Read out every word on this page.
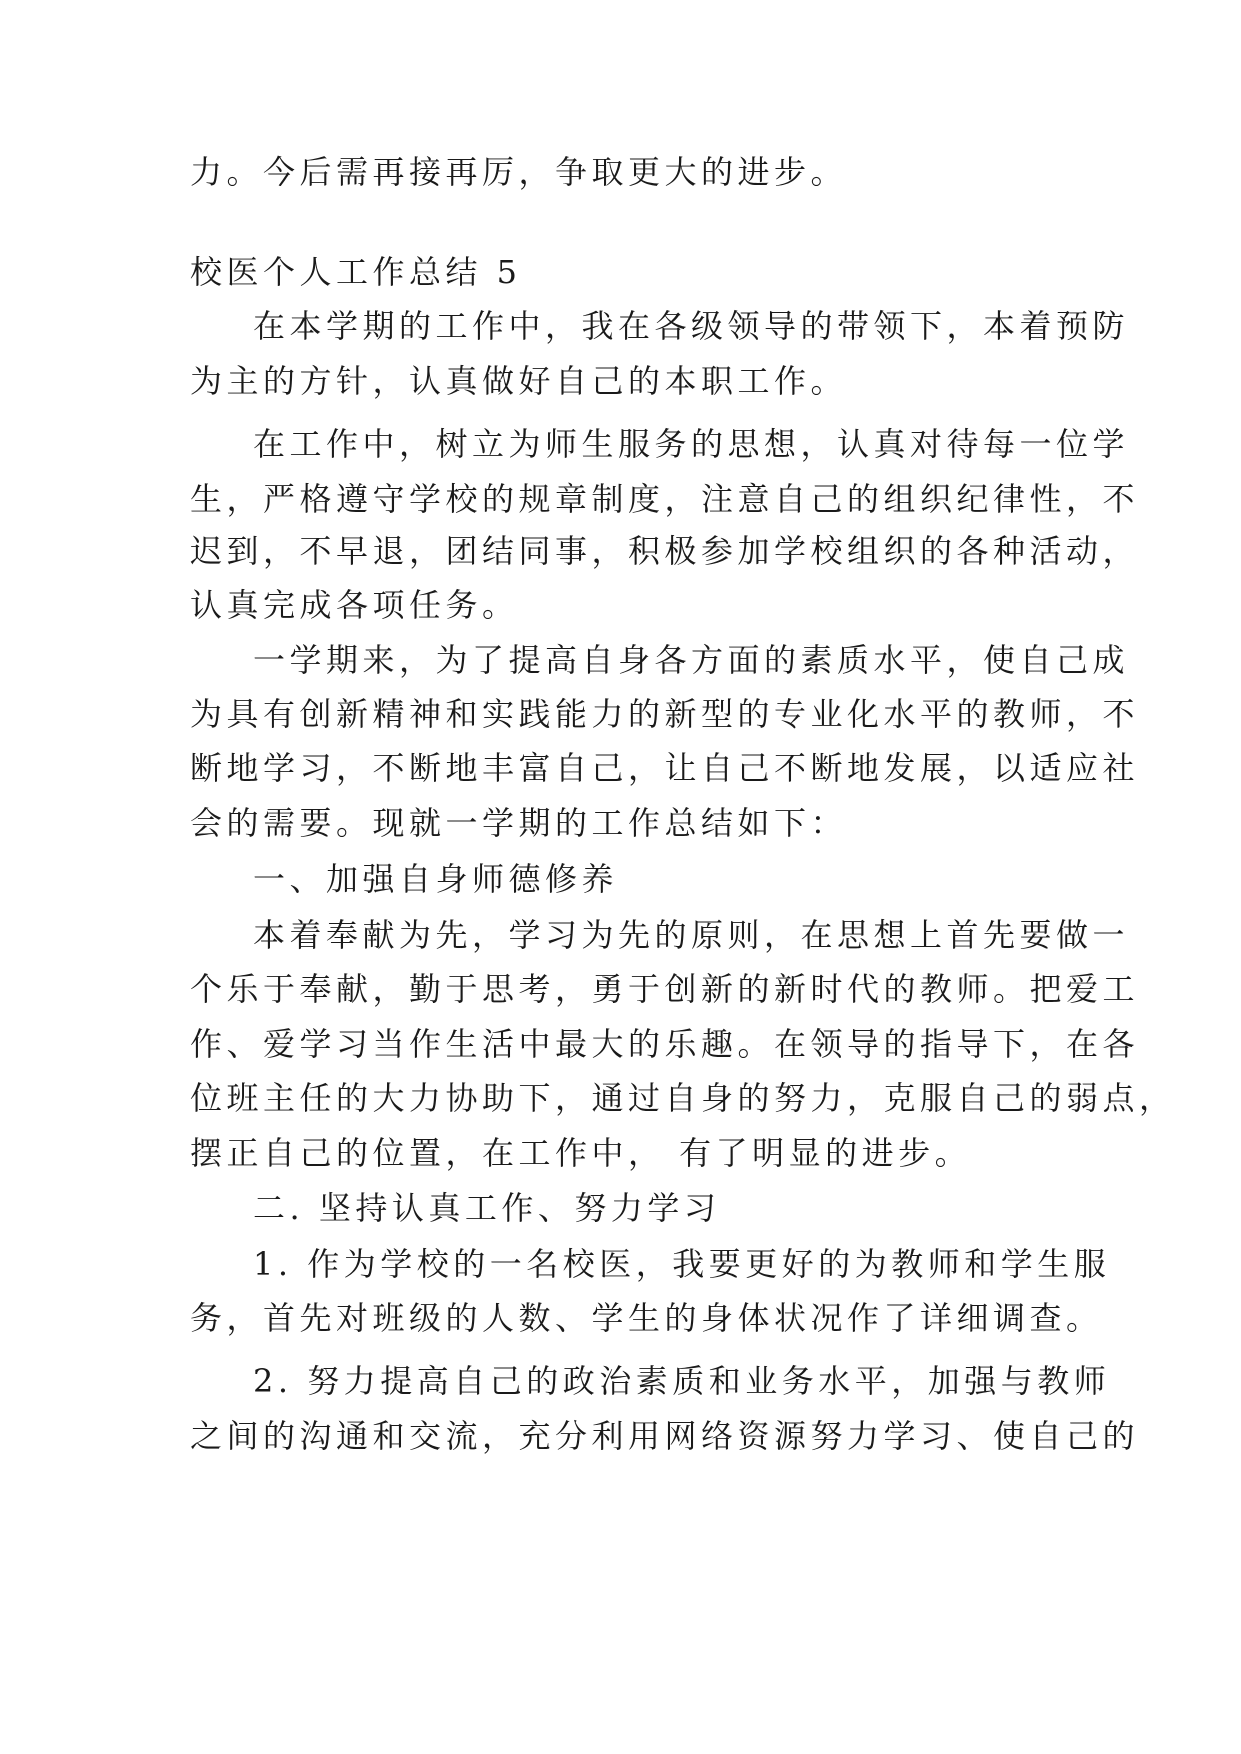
力。今后需再接再厉，争取更大的进步。
校医个人工作总结 5
在本学期的工作中，我在各级领导的带领下，本着预防
为主的方针，认真做好自己的本职工作。
在工作中，树立为师生服务的思想，认真对待每一位学
生，严格遵守学校的规章制度，注意自己的组织纪律性，不
迟到，不早退，团结同事，积极参加学校组织的各种活动，
认真完成各项任务。
一学期来，为了提高自身各方面的素质水平，使自己成
为具有创新精神和实践能力的新型的专业化水平的教师，不
断地学习，不断地丰富自己，让自己不断地发展，以适应社
会的需要。现就一学期的工作总结如下：
一、加强自身师德修养
本着奉献为先，学习为先的原则，在思想上首先要做一
个乐于奉献，勤于思考，勇于创新的新时代的教师。把爱工
作、爱学习当作生活中最大的乐趣。在领导的指导下，在各
位班主任的大力协助下，通过自身的努力，克服自己的弱点，
摆正自己的位置，在工作中， 有了明显的进步。
二. 坚持认真工作、努力学习
1. 作为学校的一名校医，我要更好的为教师和学生服
务，首先对班级的人数、学生的身体状况作了详细调查。
2. 努力提高自己的政治素质和业务水平，加强与教师
之间的沟通和交流，充分利用网络资源努力学习、使自己的
